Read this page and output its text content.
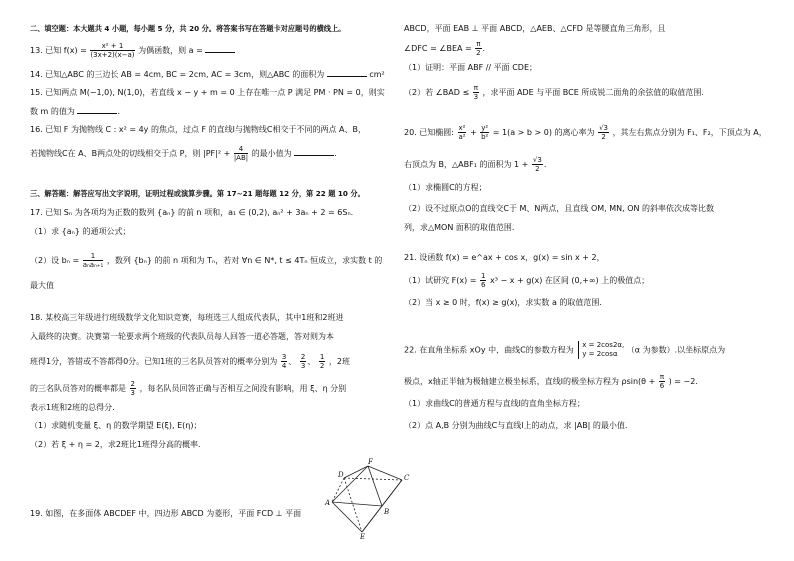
二、填空题：本大题共 4 小题，每小题 5 分，共 20 分。将答案书写在答题卡对应题号的横线上。
13. 已知 $f(x) = \frac{\text{x² + 1}}{(3x+2)(x-a)}$ 为偶函数，则 a =
14. 已知△ABC 的三边长 AB = 4cm, BC = 2cm, AC = 3cm，则△ABC 的面积为	cm²
15. 已知两点 M(−1,0), N(1,0)，若直线 x − y + m = 0 上存在唯一点 P 满足 PM · PN = 0，则实
数 m 的值为	.
16. 已知 F 为抛物线 C : x² = 4y 的焦点，过点 F 的直线l与抛物线C相交于不同的两点 A、B，
若抛物线C在 A、B两点处的切线相交于点 P，则 $|PF|^2 + \frac{4}{|AB|}$ 的最小值为	.
三、解答题：解答应写出文字说明，证明过程或演算步骤。第 17~21 题每题 12 分，第 22 题 10 分。
17. 已知 Sₙ 为各项均为正数的数列 {aₙ} 的前 n 项和，a₁ ∈ (0,2), aₙ² + 3aₙ + 2 = 6Sₙ.
（1）求 {aₙ} 的通项公式；
（2）设 $b_n = \frac{1}{\text{aₙaₙ₊₁}}$ ，数列 {bₙ} 的前 n 项和为 Tₙ，若对 ∀n ∈ N*, t ≤ 4Tₙ 恒成立，求实数 t 的
最大值
18. 某校高三年级进行班级数学文化知识竞赛，每班选三人组成代表队，其中1班和2班进
入最终的决赛。决赛第一轮要求两个班级的代表队员每人回答一道必答题，答对则为本
班得1分，答错或不答都得0分。已知1班的三名队员答对的概率分别为 $\frac{3}{4}$ 、 $\frac{2}{3}$ 、 $\frac{1}{2}$ ，2班
的三名队员答对的概率都是 $\frac{2}{3}$ ，每名队员回答正确与否相互之间没有影响，用 ξ、η 分别
表示1班和2班的总得分.
（1）求随机变量 ξ、η 的数学期望 E(ξ), E(η)；
（2）若 ξ + η = 2，求2班比1班得分高的概率.
19. 如图，在多面体 ABCDEF 中，四边形 ABCD 为菱形，平面 FCD ⊥ 平面
F
D
A
C
B
E
ABCD，平面 EAB ⊥ 平面 ABCD，△AEB、△CFD 是等腰直角三角形，且
∠DFC = ∠BEA = $\frac{\pi}{2}$ .
（1）证明：平面 ABF // 平面 CDE；
（2）若 ∠BAD ≤ $\frac{\pi}{3}$ ，求平面 ADE 与平面 BCE 所成锐二面角的余弦值的取值范围.
20. 已知椭圆: $\frac{\text{x²}}{\text{a²}} + \frac{\text{y²}}{\text{b²}} = 1(a > b > 0)$ 的离心率为 $\frac{√3}{2}$ ，其左右焦点分别为 F₁、F₂，下顶点为 A，
右顶点为 B，△ABF₁ 的面积为 $1 + \frac{√3}{2}$ .
（1）求椭圆C的方程；
（2）设不过原点O的直线交C于 M、N两点，且直线 OM, MN, ON 的斜率依次成等比数
列，求△MON 面积的取值范围.
21. 设函数 f(x) = e^ax + cos x，g(x) = sin x + 2，
（1）试研究 $F(x) = \frac{1}{6} x^3 - x + g(x)$ 在区间 (0,+∞) 上的极值点；
（2）当 x ≥ 0 时，f(x) ≥ g(x)，求实数 a 的取值范围.
22. 在直角坐标系 xOy 中，曲线C的参数方程为
x = 2cos2α,
y = 2cosα	（α 为参数）.以坐标原点为
极点，x轴正半轴为极轴建立极坐标系，直线l的极坐标方程为 $\rho\sin(\theta + \frac{\pi}{6}$ ) = −2.
（1）求曲线C的普通方程与直线l的直角坐标方程；
（2）点 A,B 分别为曲线C与直线l上的动点，求 |AB| 的最小值.
